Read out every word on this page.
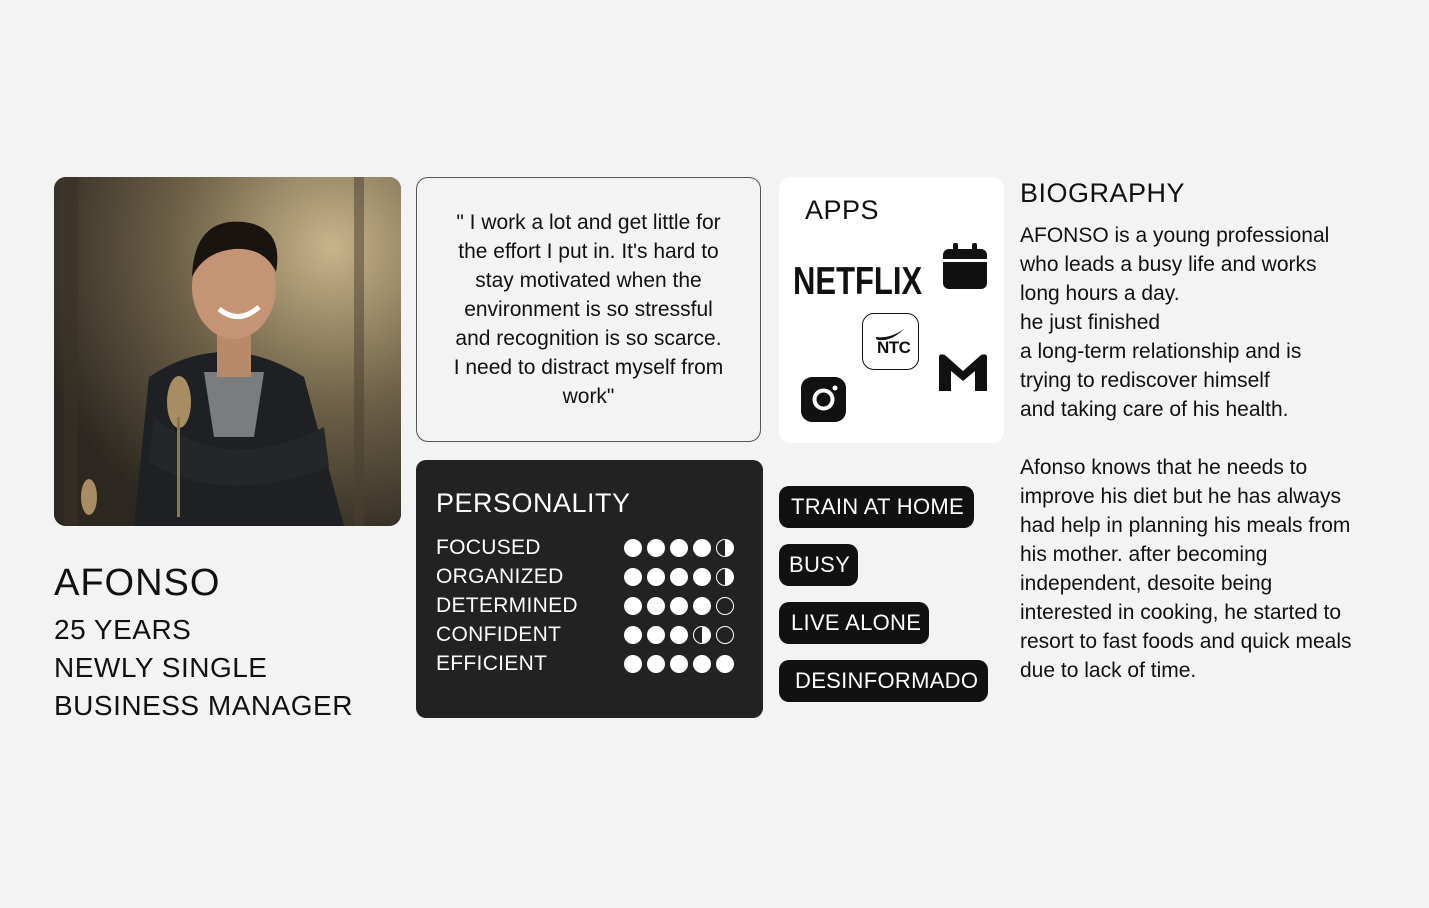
AFONSO

25 YEARS

NEWLY SINGLE

BUSINESS MANAGER

" I work a lot and get little for the effort I put in. It's hard to stay motivated when the environment is so stressful and recognition is so scarce. I need to distract myself from work"

PERSONALITY
FOCUSED
ORGANIZED
DETERMINED
CONFIDENT
EFFICIENT
APPS
NETFLIX
NTC
TRAIN AT HOME
BUSY
LIVE ALONE
DESINFORMADO
BIOGRAPHY

AFONSO is a young professional
who leads a busy life and works
long hours a day.
he just finished
a long-term relationship and is
trying to rediscover himself
and taking care of his health.

Afonso knows that he needs to
improve his diet but he has always
had help in planning his meals from
his mother. after becoming
independent, desoite being
interested in cooking, he started to
resort to fast foods and quick meals
due to lack of time.
